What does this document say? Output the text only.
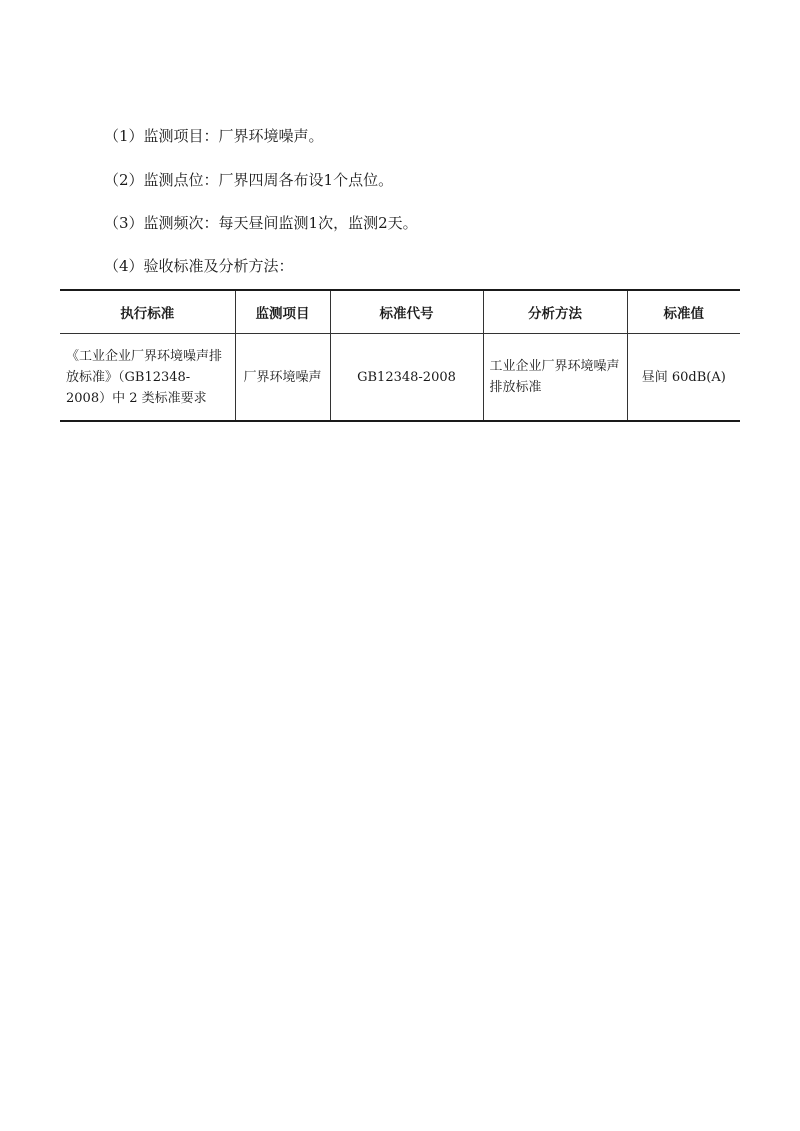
（1）监测项目：厂界环境噪声。
（2）监测点位：厂界四周各布设1个点位。
（3）监测频次：每天昼间监测1次，监测2天。
（4）验收标准及分析方法：
执行标准	监测项目	标准代号	分析方法	标准值
《工业企业厂界环境噪声排放标准》（GB12348-2008）中 2 类标准要求	厂界环境噪声	GB12348-2008	工业企业厂界环境噪声排放标准	昼间 60dB(A)
